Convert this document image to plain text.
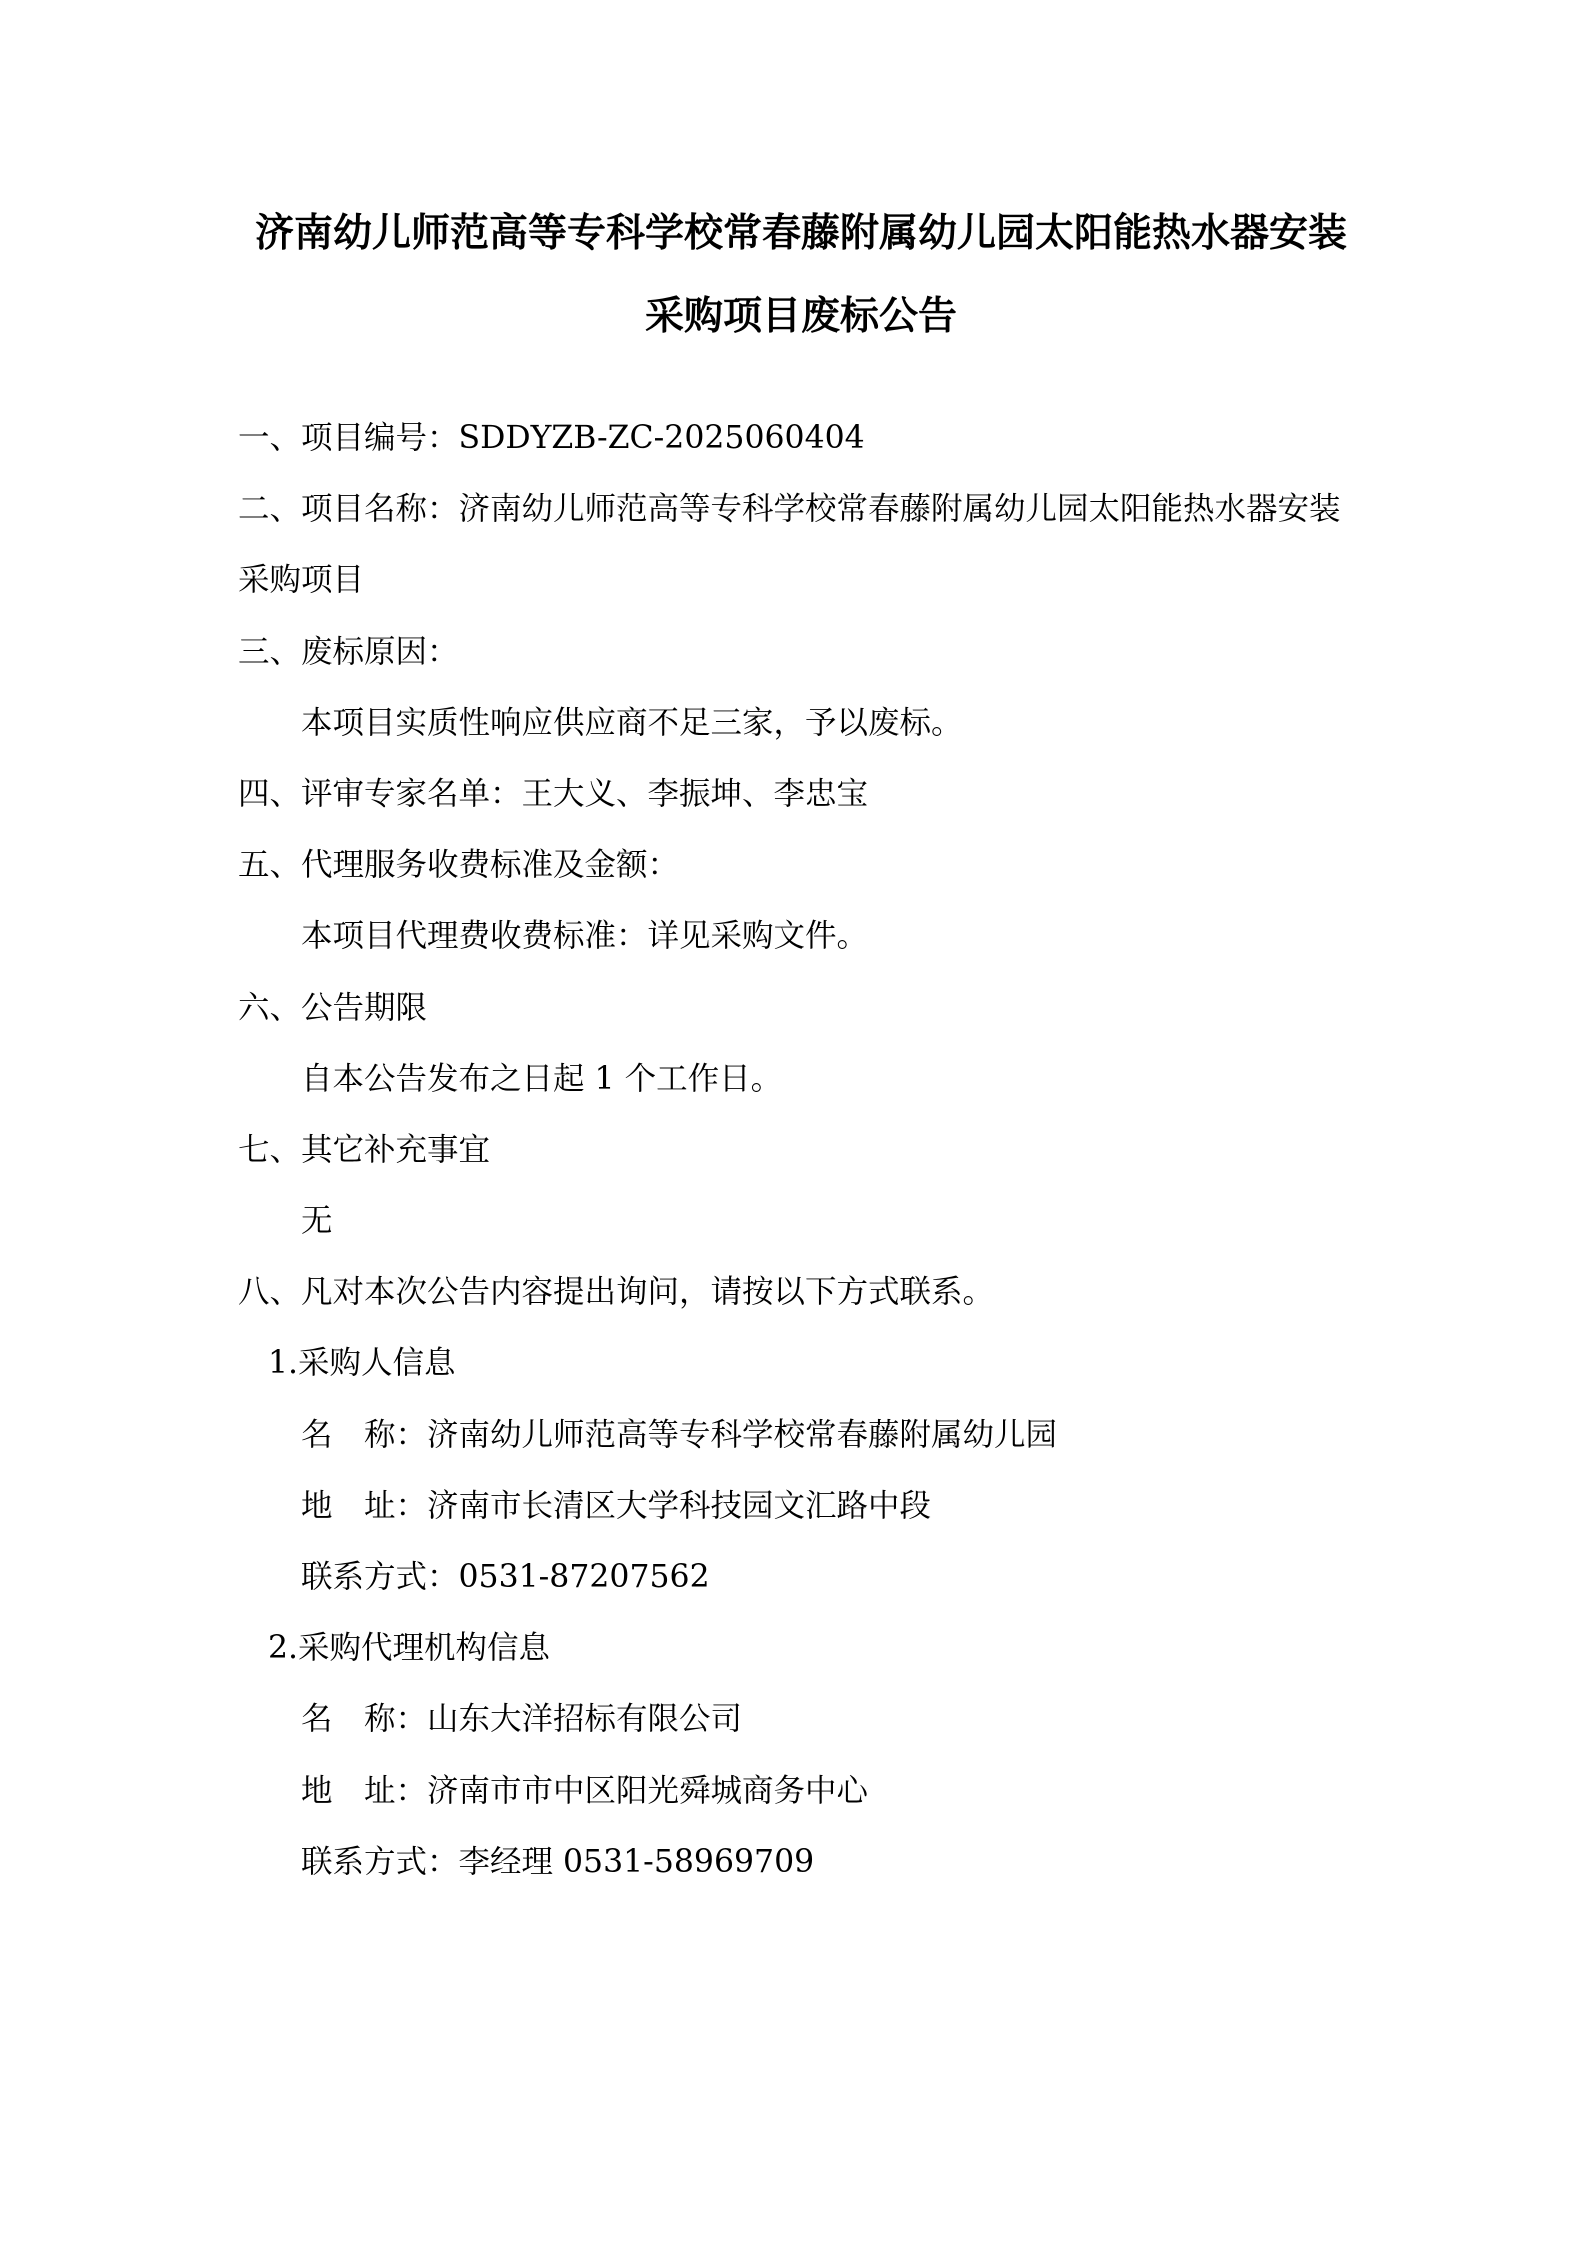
济南幼儿师范高等专科学校常春藤附属幼儿园太阳能热水器安装
采购项目废标公告
一、项目编号：SDDYZB-ZC-2025060404
二、项目名称：济南幼儿师范高等专科学校常春藤附属幼儿园太阳能热水器安装
采购项目
三、废标原因：
本项目实质性响应供应商不足三家，予以废标。
四、评审专家名单：王大义、李振坤、李忠宝
五、代理服务收费标准及金额：
本项目代理费收费标准：详见采购文件。
六、公告期限
自本公告发布之日起 1 个工作日。
七、其它补充事宜
无
八、凡对本次公告内容提出询问，请按以下方式联系。
1.采购人信息
名　称：济南幼儿师范高等专科学校常春藤附属幼儿园
地　址：济南市长清区大学科技园文汇路中段
联系方式：0531-87207562
2.采购代理机构信息
名　称：山东大洋招标有限公司
地　址：济南市市中区阳光舜城商务中心
联系方式：李经理 0531-58969709
